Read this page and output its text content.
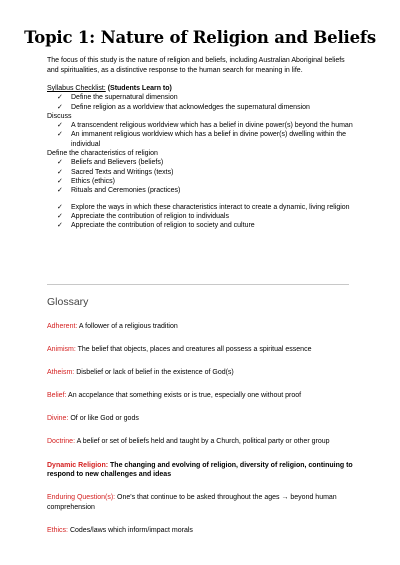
Topic 1: Nature of Religion and Beliefs

The focus of this study is the nature of religion and beliefs, including Australian Aboriginal beliefs and spiritualities, as a distinctive response to the human search for meaning in life.

Syllabus Checklist: (Students Learn to)
✓	Define the supernatural dimension
✓	Define religion as a worldview that acknowledges the supernatural dimension
Discuss
✓	A transcendent religious worldview which has a belief in divine power(s) beyond the human
✓	An immanent religious worldview which has a belief in divine power(s) dwelling within the individual
Define the characteristics of religion
✓	Beliefs and Believers (beliefs)
✓	Sacred Texts and Writings (texts)
✓	Ethics (ethics)
✓	Rituals and Ceremonies (practices)
✓	Explore the ways in which these characteristics interact to create a dynamic, living religion
✓	Appreciate the contribution of religion to individuals
✓	Appreciate the contribution of religion to society and culture
Glossary

Adherent: A follower of a religious tradition

Animism: The belief that objects, places and creatures all possess a spiritual essence

Atheism: Disbelief or lack of belief in the existence of God(s)

Belief: An accpelance that something exists or is true, especially one without proof

Divine: Of or like God or gods

Doctrine: A belief or set of beliefs held and taught by a Church, political party or other group

Dynamic Religion: The changing and evolving of religion, diversity of religion, continuing to respond to new challenges and ideas

Enduring Question(s): One's that continue to be asked throughout the ages → beyond human comprehension

Ethics: Codes/laws which inform/impact morals
